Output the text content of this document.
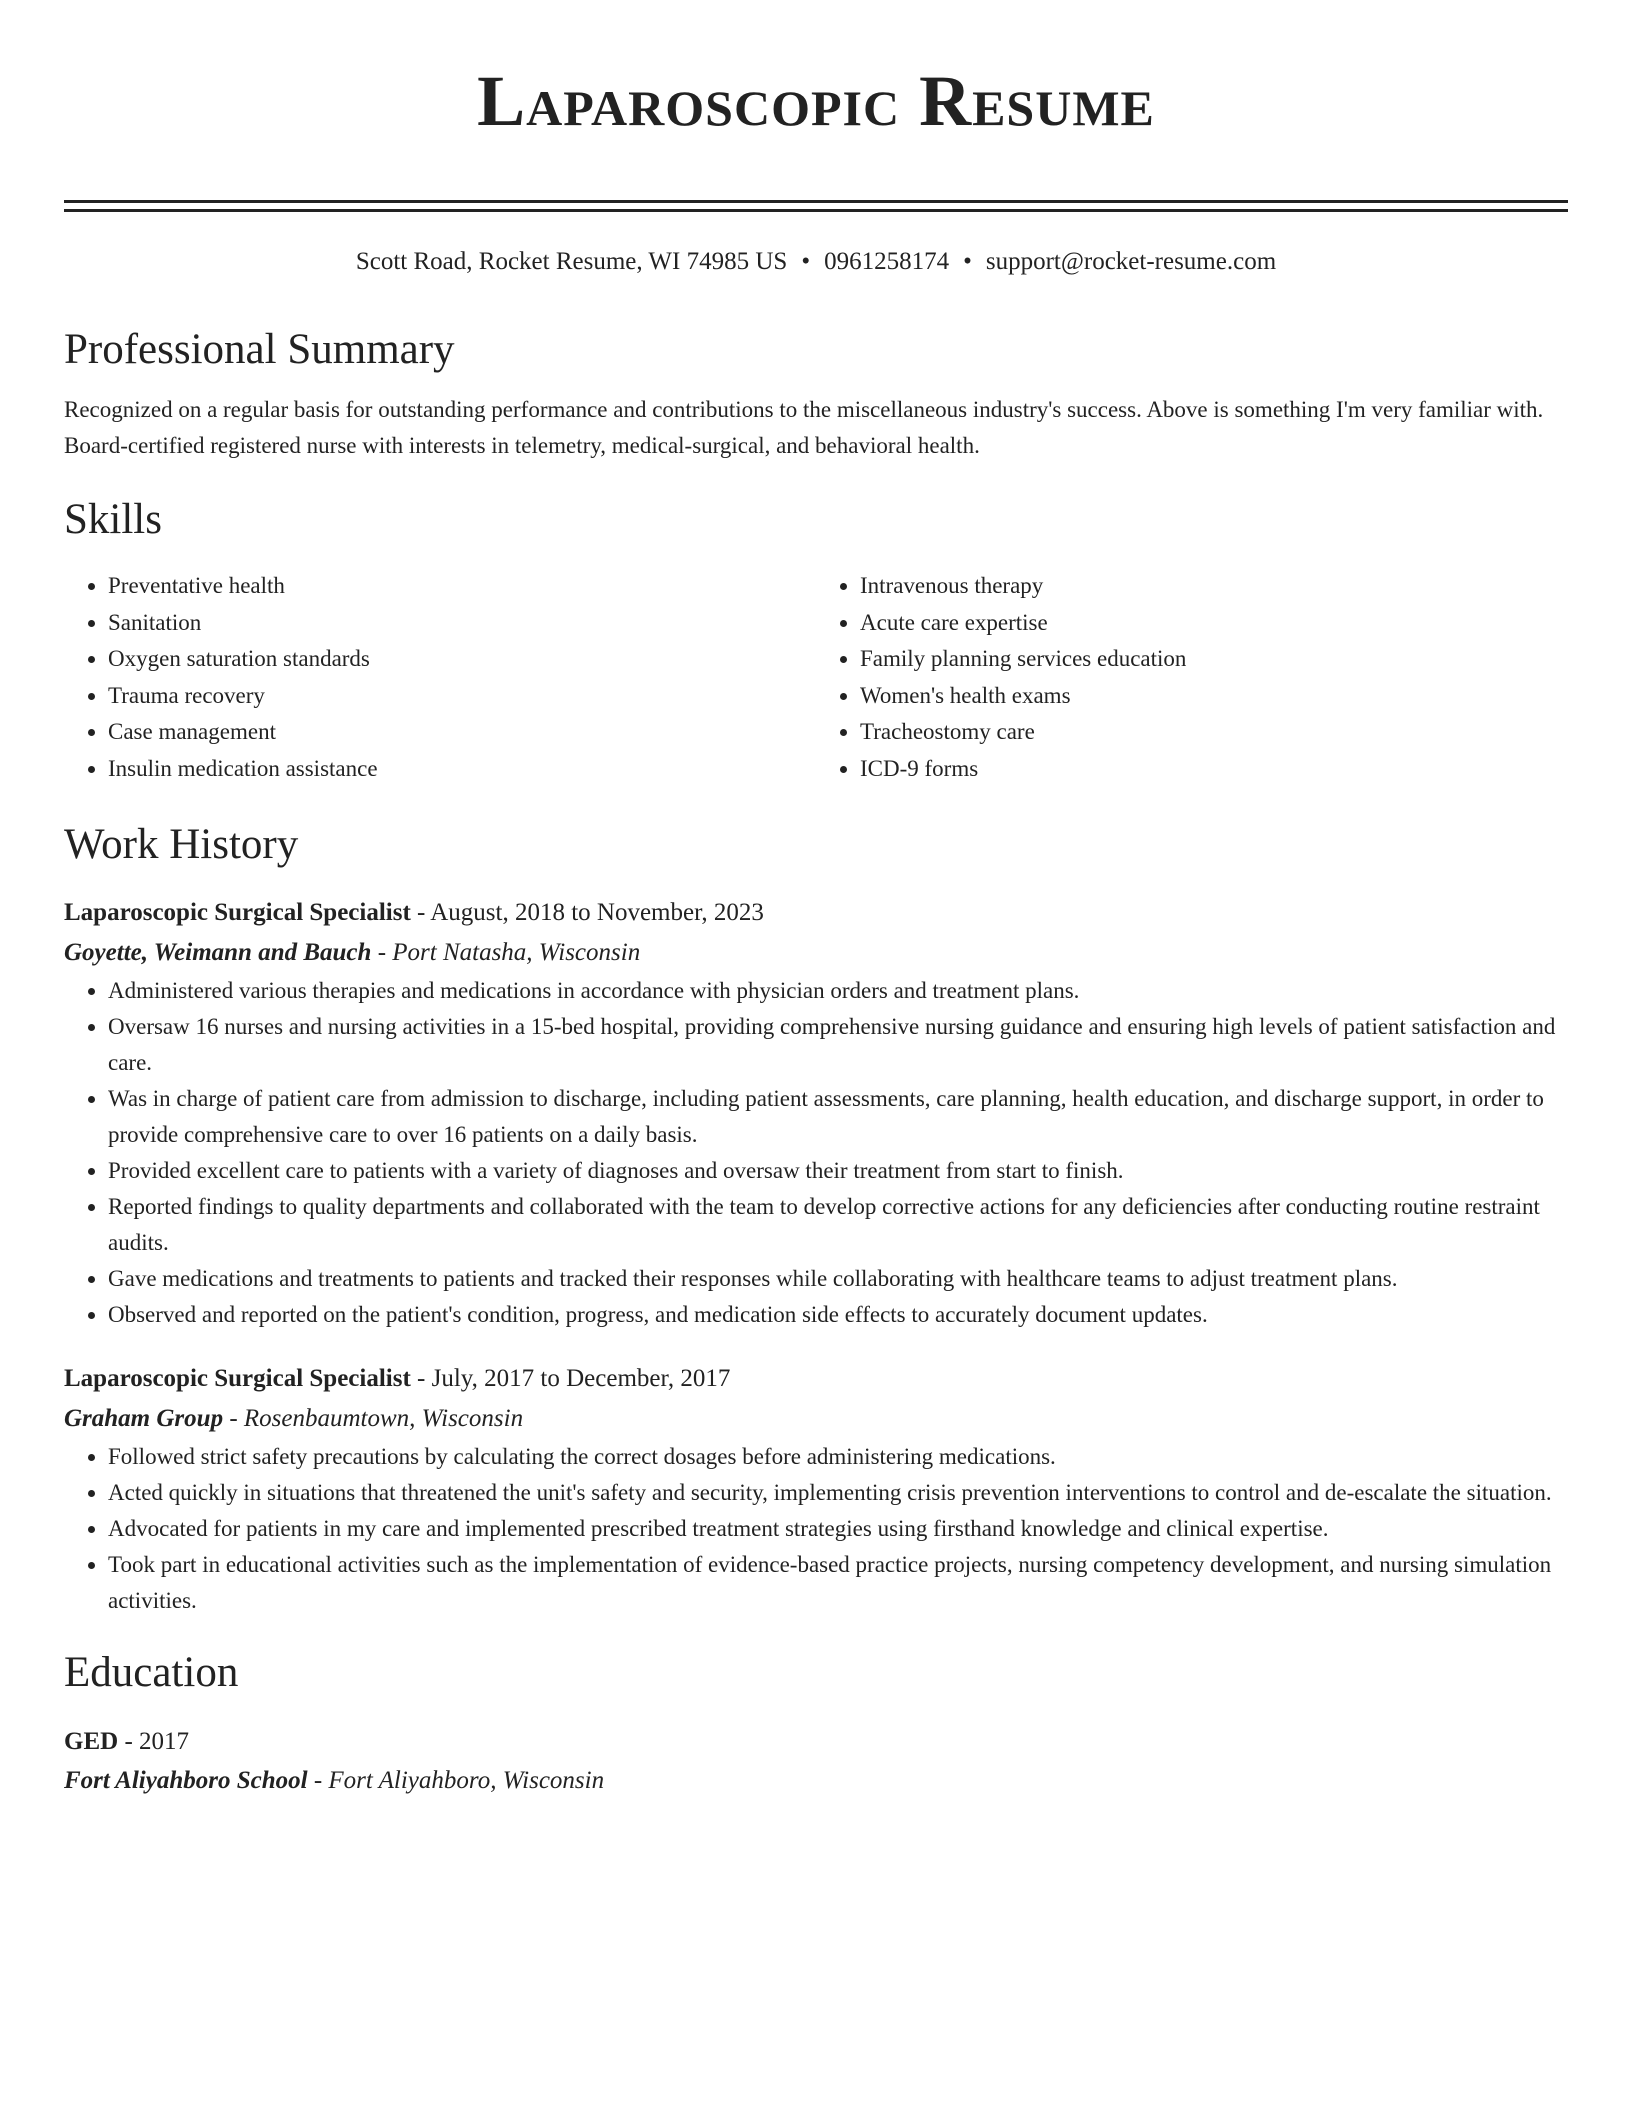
Laparoscopic Resume
Scott Road, Rocket Resume, WI 74985 US • 0961258174 • support@rocket-resume.com
Professional Summary

Recognized on a regular basis for outstanding performance and contributions to the miscellaneous industry's success. Above is something I'm very familiar with. Board-certified registered nurse with interests in telemetry, medical-surgical, and behavioral health.

Skills
• Preventative health
• Sanitation
• Oxygen saturation standards
• Trauma recovery
• Case management
• Insulin medication assistance
• Intravenous therapy
• Acute care expertise
• Family planning services education
• Women's health exams
• Tracheostomy care
• ICD-9 forms
Work History
Laparoscopic Surgical Specialist - August, 2018 to November, 2023
Goyette, Weimann and Bauch - Port Natasha, Wisconsin
• Administered various therapies and medications in accordance with physician orders and treatment plans.
• Oversaw 16 nurses and nursing activities in a 15-bed hospital, providing comprehensive nursing guidance and ensuring high levels of patient satisfaction and care.
• Was in charge of patient care from admission to discharge, including patient assessments, care planning, health education, and discharge support, in order to provide comprehensive care to over 16 patients on a daily basis.
• Provided excellent care to patients with a variety of diagnoses and oversaw their treatment from start to finish.
• Reported findings to quality departments and collaborated with the team to develop corrective actions for any deficiencies after conducting routine restraint audits.
• Gave medications and treatments to patients and tracked their responses while collaborating with healthcare teams to adjust treatment plans.
• Observed and reported on the patient's condition, progress, and medication side effects to accurately document updates.
Laparoscopic Surgical Specialist - July, 2017 to December, 2017
Graham Group - Rosenbaumtown, Wisconsin
• Followed strict safety precautions by calculating the correct dosages before administering medications.
• Acted quickly in situations that threatened the unit's safety and security, implementing crisis prevention interventions to control and de-escalate the situation.
• Advocated for patients in my care and implemented prescribed treatment strategies using firsthand knowledge and clinical expertise.
• Took part in educational activities such as the implementation of evidence-based practice projects, nursing competency development, and nursing simulation activities.
Education
GED - 2017
Fort Aliyahboro School - Fort Aliyahboro, Wisconsin
